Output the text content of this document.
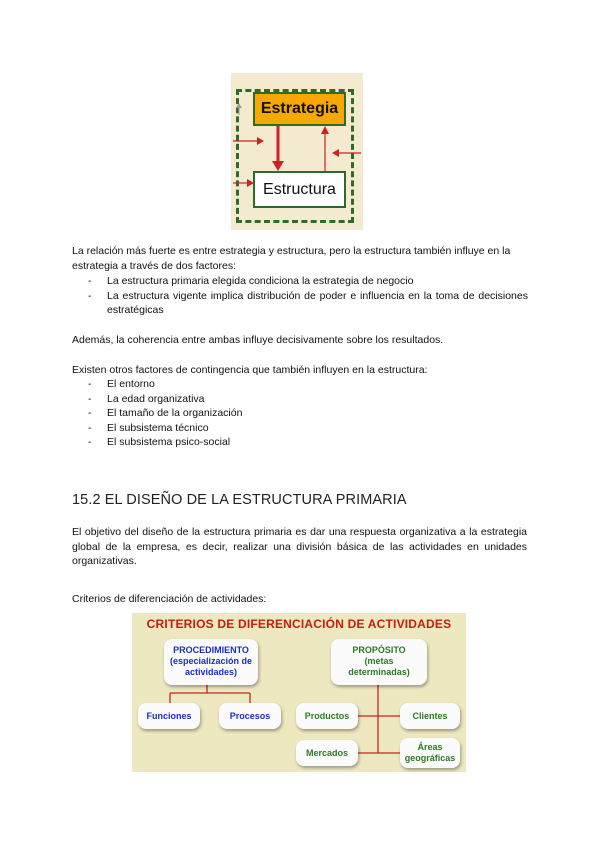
Estrategia
Estructura

La relación más fuerte es entre estrategia y estructura, pero la estructura también influye en la estrategia a través de dos factores:

- La estructura primaria elegida condiciona la estrategia de negocio
- La estructura vigente implica distribución de poder e influencia en la toma de decisiones estratégicas

Además, la coherencia entre ambas influye decisivamente sobre los resultados.

Existen otros factores de contingencia que también influyen en la estructura:

- El entorno
- La edad organizativa
- El tamaño de la organización
- El subsistema técnico
- El subsistema psico-social
15.2 EL DISEÑO DE LA ESTRUCTURA PRIMARIA

El objetivo del diseño de la estructura primaria es dar una respuesta organizativa a la estrategia global de la empresa, es decir, realizar una división básica de las actividades en unidades organizativas.

Criterios de diferenciación de actividades:

CRITERIOS DE DIFERENCIACIÓN DE ACTIVIDADES
PROCEDIMIENTO
(especialización de
actividades)
PROPÓSITO
(metas
determinadas)
Funciones	Procesos	Productos	Clientes
Mercados
Áreas
geográficas
